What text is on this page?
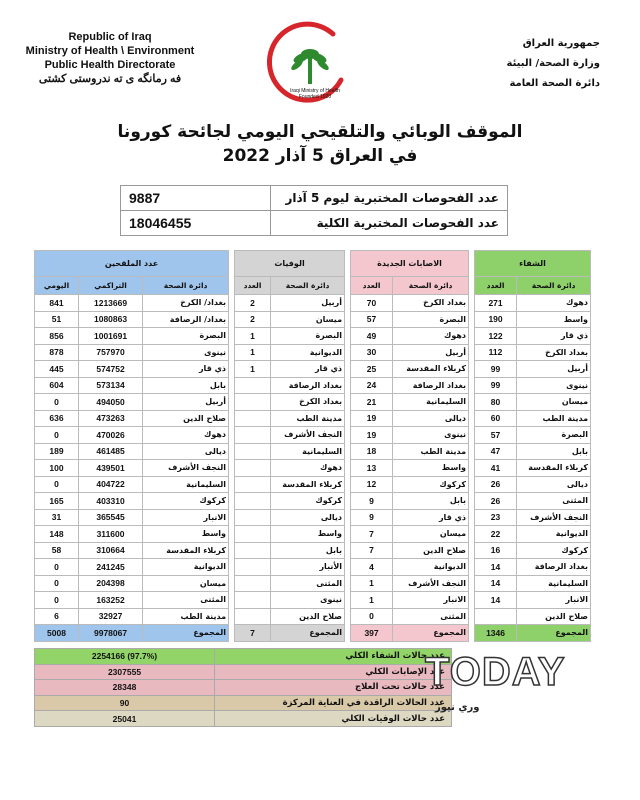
Republic of Iraq
Ministry of Health \ Environment
Public Health Directorate
فه رمانگه ی ته ندروستى كشتى
Iraqi Ministry of Health
Founded 1920
جمهورية العراق
وزارة الصحة/ البيئة
دائرة الصحة العامة
الموقف الوبائي والتلقيحي اليومي لجائحة كورونا
في العراق 5 آذار 2022
عدد الفحوصات المختبرية ليوم 5 آذار	9887
عدد الفحوصات المختبرية الكلية	18046455
الشفاء			الاصابات الجديدة			الوفيات			عدد الملقحين		
دائرة الصحة	العدد		دائرة الصحة	العدد		دائرة الصحة	العدد		دائرة الصحة	التراكمي	اليومي
دهوك	271		بغداد الكرخ	70		أربيل	2		بغداد/ الكرخ	1213669	841
واسط	190		البصرة	57		ميسان	2		بغداد/ الرصافة	1080863	51
ذي قار	122		دهوك	49		البصرة	1		البصرة	1001691	856
بغداد الكرخ	112		أربيل	30		الديوانية	1		نينوى	757970	878
أربيل	99		كربلاء المقدسة	25		ذي قار	1		ذي قار	574752	445
نينوى	99		بغداد الرصافة	24		بغداد الرصافة			بابل	573134	604
ميسان	80		السليمانية	21		بغداد الكرخ			أربيل	494050	0
مدينة الطب	60		ديالى	19		مدينة الطب			صلاح الدين	473263	636
البصرة	57		نينوى	19		النجف الأشرف			دهوك	470026	0
بابل	47		مدينة الطب	18		السليمانية			ديالى	461485	189
كربلاء المقدسة	41		واسط	13		دهوك			النجف الأشرف	439501	100
ديالى	26		كركوك	12		كربلاء المقدسة			السليمانية	404722	0
المثنى	26		بابل	9		كركوك			كركوك	403310	165
النجف الأشرف	23		ذي قار	9		ديالى			الانبار	365545	31
الديوانية	22		ميسان	7		واسط			واسط	311600	148
كركوك	16		صلاح الدين	7		بابل			كربلاء المقدسة	310664	58
بغداد الرصافة	14		الديوانية	4		الأنبار			الديوانية	241245	0
السليمانية	14		النجف الأشرف	1		المثنى			ميسان	204398	0
الانبار	14		الانبار	1		نينوى			المثنى	163252	0
صلاح الدين			المثنى	0		صلاح الدين			مدينة الطب	32927	6
المجموع	1346		المجموع	397		المجموع	7		المجموع	9978067	5008
عدد حالات الشفاء الكلي	(97.7%) 2254166
عدد الإصابات الكلي	2307555
عدد حالات تحت العلاج	28348
عدد الحالات الراقدة في العناية المركزة	90
عدد حالات الوفيات الكلي	25041
TODAY
وري نيوز
